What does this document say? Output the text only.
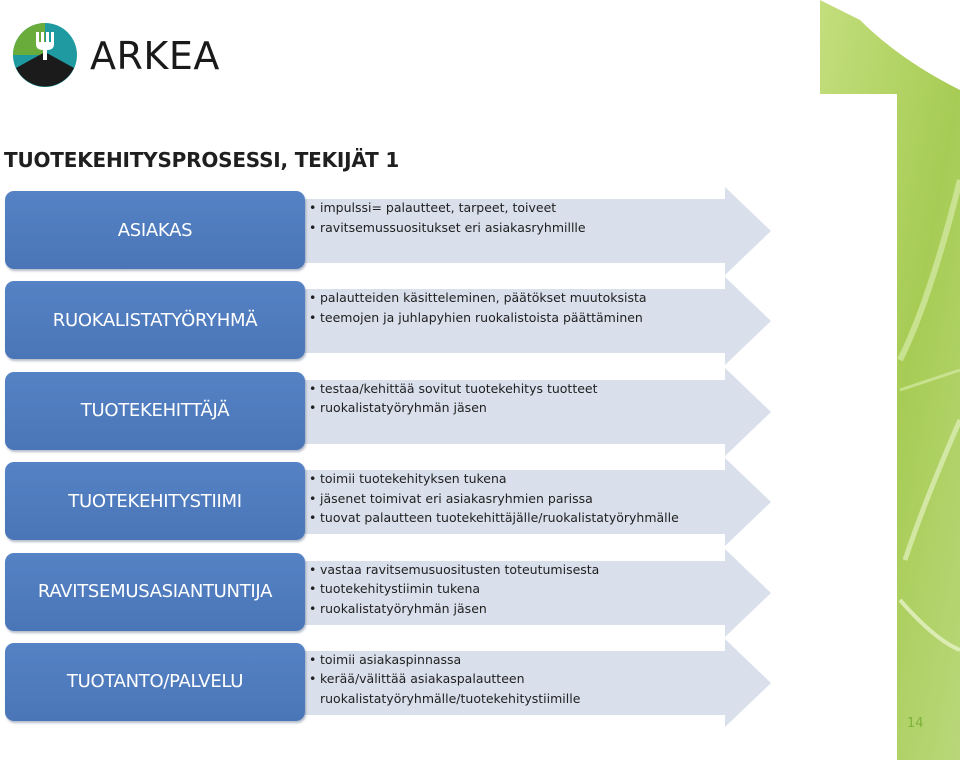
ARKEA
TUOTEKEHITYSPROSESSI, TEKIJÄT 1
ASIAKAS
• impulssi= palautteet, tarpeet, toiveet
• ravitsemussuositukset eri asiakasryhmillle
RUOKALISTATYÖRYHMÄ
• palautteiden käsitteleminen, päätökset muutoksista
• teemojen ja juhlapyhien ruokalistoista päättäminen
TUOTEKEHITTÄJÄ
• testaa/kehittää sovitut tuotekehitys tuotteet
• ruokalistatyöryhmän jäsen
TUOTEKEHITYSTIIMI
• toimii tuotekehityksen tukena
• jäsenet toimivat eri asiakasryhmien parissa
• tuovat palautteen tuotekehittäjälle/ruokalistatyöryhmälle
RAVITSEMUSASIANTUNTIJA
• vastaa ravitsemusuositusten toteutumisesta
• tuotekehitystiimin tukena
• ruokalistatyöryhmän jäsen
TUOTANTO/PALVELU
• toimii asiakaspinnassa
• kerää/välittää asiakaspalautteen ruokalistatyöryhmälle/tuotekehitystiimille
14
